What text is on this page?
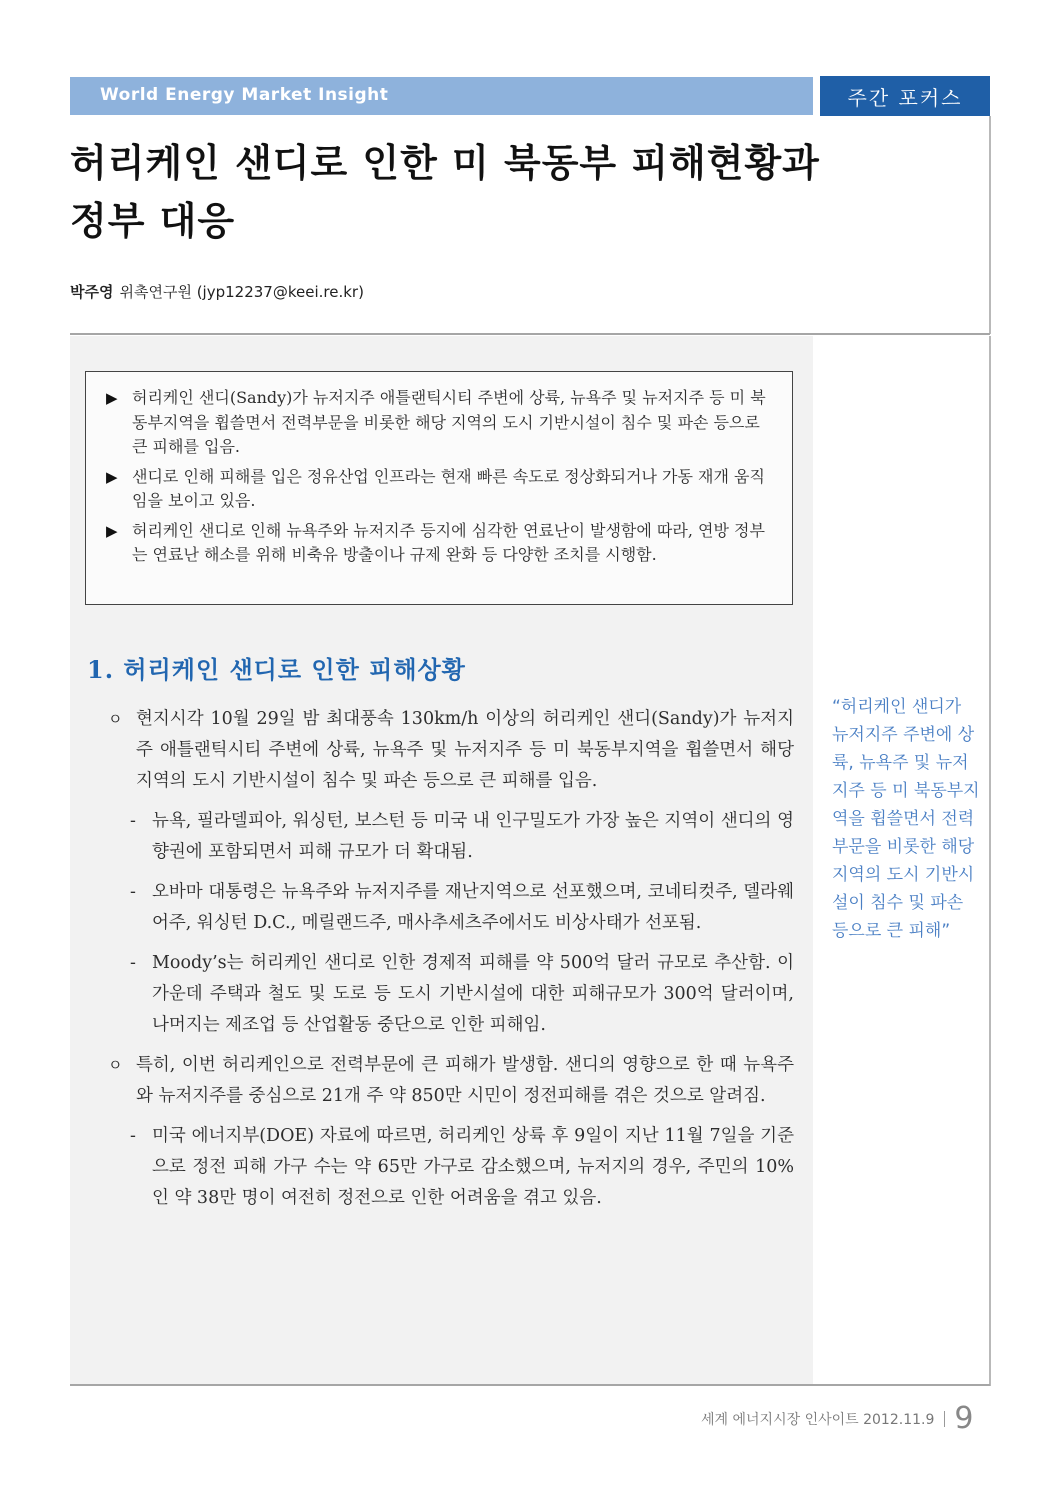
World Energy Market Insight	주간 포커스
허리케인 샌디로 인한 미 북동부 피해현황과
정부 대응
박주영 위촉연구원 (jyp12237@keei.re.kr)
▶ 허리케인 샌디(Sandy)가 뉴저지주 애틀랜틱시티 주변에 상륙, 뉴욕주 및 뉴저지주 등 미 북동부지역을 휩쓸면서 전력부문을 비롯한 해당 지역의 도시 기반시설이 침수 및 파손 등으로 큰 피해를 입음.
▶ 샌디로 인해 피해를 입은 정유산업 인프라는 현재 빠른 속도로 정상화되거나 가동 재개 움직임을 보이고 있음.
▶ 허리케인 샌디로 인해 뉴욕주와 뉴저지주 등지에 심각한 연료난이 발생함에 따라, 연방 정부는 연료난 해소를 위해 비축유 방출이나 규제 완화 등 다양한 조치를 시행함.
1. 허리케인 샌디로 인한 피해상황
ㅇ 현지시각 10월 29일 밤 최대풍속 130km/h 이상의 허리케인 샌디(Sandy)가 뉴저지주 애틀랜틱시티 주변에 상륙, 뉴욕주 및 뉴저지주 등 미 북동부지역을 휩쓸면서 해당 지역의 도시 기반시설이 침수 및 파손 등으로 큰 피해를 입음.
- 뉴욕, 필라델피아, 워싱턴, 보스턴 등 미국 내 인구밀도가 가장 높은 지역이 샌디의 영향권에 포함되면서 피해 규모가 더 확대됨.
- 오바마 대통령은 뉴욕주와 뉴저지주를 재난지역으로 선포했으며, 코네티컷주, 델라웨어주, 워싱턴 D.C., 메릴랜드주, 매사추세츠주에서도 비상사태가 선포됨.
- Moody’s는 허리케인 샌디로 인한 경제적 피해를 약 500억 달러 규모로 추산함. 이 가운데 주택과 철도 및 도로 등 도시 기반시설에 대한 피해규모가 300억 달러이며, 나머지는 제조업 등 산업활동 중단으로 인한 피해임.
ㅇ 특히, 이번 허리케인으로 전력부문에 큰 피해가 발생함. 샌디의 영향으로 한 때 뉴욕주와 뉴저지주를 중심으로 21개 주 약 850만 시민이 정전피해를 겪은 것으로 알려짐.
- 미국 에너지부(DOE) 자료에 따르면, 허리케인 상륙 후 9일이 지난 11월 7일을 기준으로 정전 피해 가구 수는 약 65만 가구로 감소했으며, 뉴저지의 경우, 주민의 10%인 약 38만 명이 여전히 정전으로 인한 어려움을 겪고 있음.
“허리케인 샌디가 뉴저지주 주변에 상륙, 뉴욕주 및 뉴저지주 등 미 북동부지역을 휩쓸면서 전력부문을 비롯한 해당 지역의 도시 기반시설이 침수 및 파손 등으로 큰 피해”
세계 에너지시장 인사이트 2012.11.9 9
